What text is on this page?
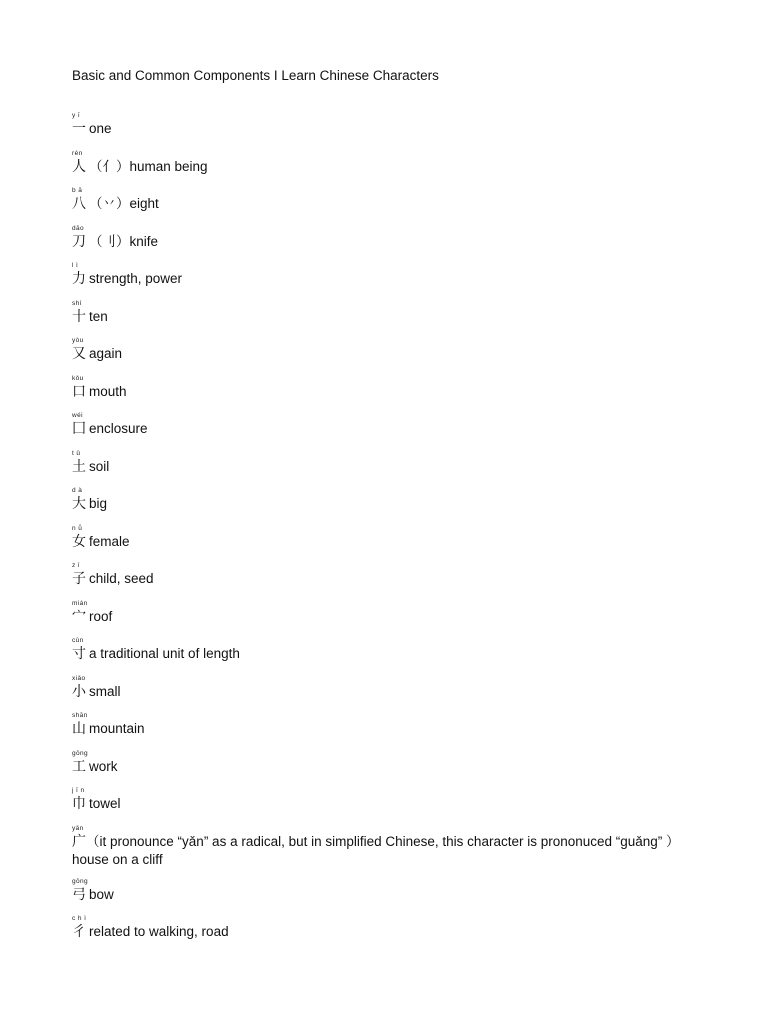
Basic and Common Components I Learn Chinese Characters
y ī
一 one
rén
人 （亻）human being
b ā
八 （丷）eight
dāo
刀 （刂）knife
l ì
力 strength, power
shí
十 ten
yòu
又 again
kǒu
口 mouth
wéi
囗 enclosure
t ǔ
土 soil
d à
大 big
n ǚ
女 female
z ǐ
子 child, seed
mián
宀 roof
cùn
寸 a traditional unit of length
xiǎo
小 small
shān
山 mountain
gōng
工 work
j ī n
巾 towel
yǎn
广（it pronounce “yǎn” as a radical, but in simplified Chinese, this character is prononuced “guǎng” ） house on a cliff
gōng
弓 bow
c h ì
彳 related to walking, road
